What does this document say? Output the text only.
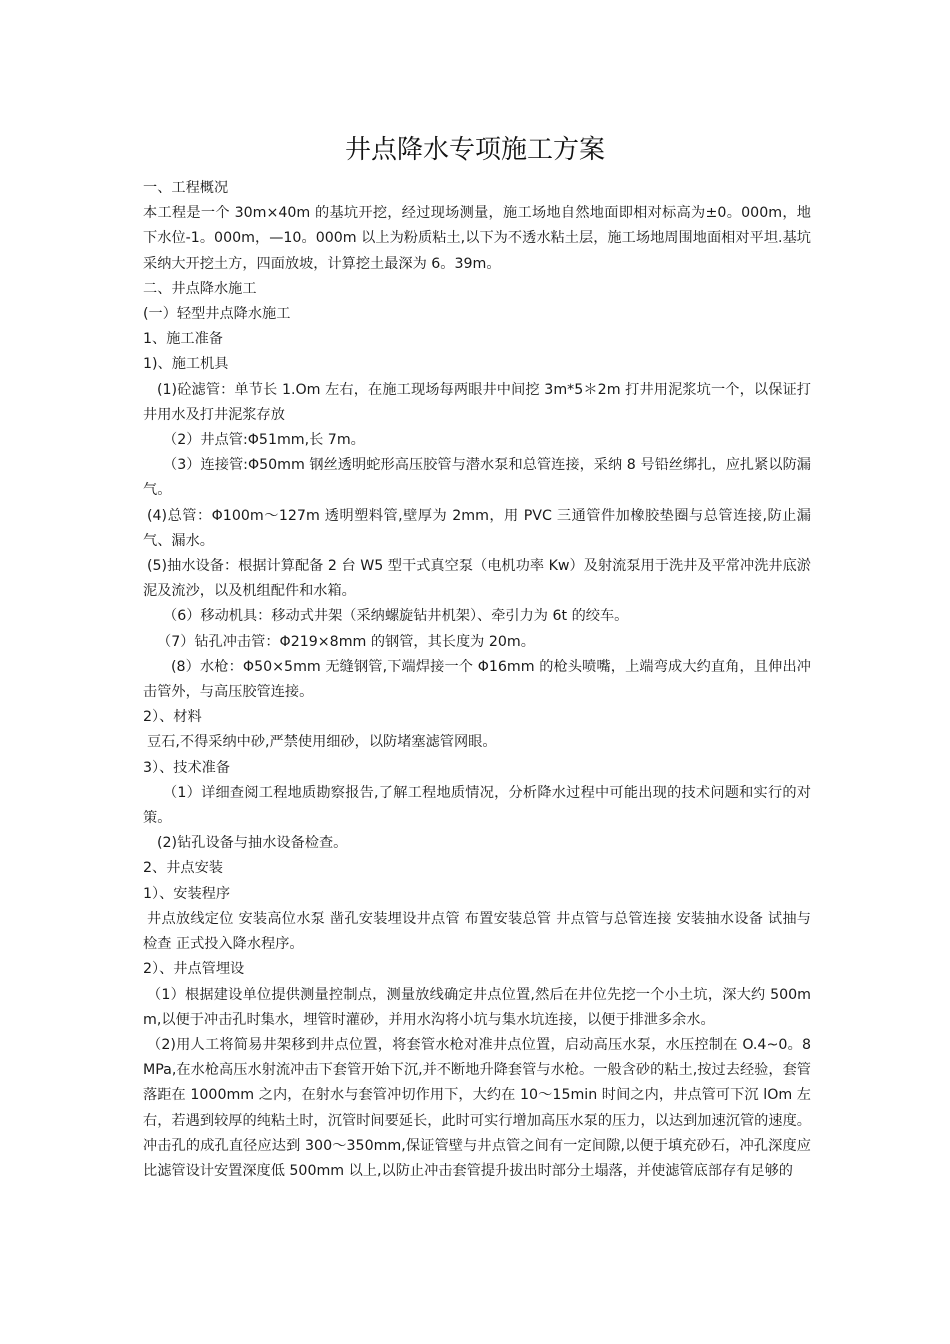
井点降水专项施工方案

一、工程概况

本工程是一个 30m×40m 的基坑开挖，经过现场测量，施工场地自然地面即相对标高为±0。000m，地下水位-1。000m，—10。000m 以上为粉质粘土,以下为不透水粘土层，施工场地周围地面相对平坦.基坑采纳大开挖土方，四面放坡，计算挖土最深为 6。39m。

二、井点降水施工

(一）轻型井点降水施工

1、施工准备

1)、施工机具

(1)砼滤管：单节长 1.Om 左右，在施工现场每两眼井中间挖 3m*5＊2m 打井用泥浆坑一个，以保证打井用水及打井泥浆存放

（2）井点管:Φ51mm,长 7m。

（3）连接管:Φ50mm 钢丝透明蛇形高压胶管与潜水泵和总管连接，采纳 8 号铅丝绑扎，应扎紧以防漏气。

(4)总管：Φ100m～127m 透明塑料管,壁厚为 2mm，用 PVC 三通管件加橡胶垫圈与总管连接,防止漏气、漏水。

(5)抽水设备：根据计算配备 2 台 W5 型干式真空泵（电机功率 Kw）及射流泵用于洗井及平常冲洗井底淤泥及流沙，以及机组配件和水箱。

（6）移动机具：移动式井架（采纳螺旋钻井机架）、牵引力为 6t 的绞车。

（7）钻孔冲击管：Φ219×8mm 的钢管，其长度为 20m。

(8）水枪：Φ50×5mm 无缝钢管,下端焊接一个 Φ16mm 的枪头喷嘴，上端弯成大约直角，且伸出冲击管外，与高压胶管连接。

2）、材料

豆石,不得采纳中砂,严禁使用细砂，以防堵塞滤管网眼。

3）、技术准备

（1）详细查阅工程地质勘察报告,了解工程地质情况，分析降水过程中可能出现的技术问题和实行的对策。

(2)钻孔设备与抽水设备检查。

2、井点安装

1）、安装程序

井点放线定位 安装高位水泵 凿孔安装埋设井点管 布置安装总管 井点管与总管连接 安装抽水设备 试抽与检查 正式投入降水程序。

2）、井点管埋设

（1）根据建设单位提供测量控制点，测量放线确定井点位置,然后在井位先挖一个小土坑，深大约 500mm,以便于冲击孔时集水，埋管时灌砂，并用水沟将小坑与集水坑连接，以便于排泄多余水。

（2)用人工将简易井架移到井点位置，将套管水枪对准井点位置，启动高压水泵，水压控制在 O.4~0。8MPa,在水枪高压水射流冲击下套管开始下沉,并不断地升降套管与水枪。一般含砂的粘土,按过去经验，套管落距在 1000mm 之内，在射水与套管冲切作用下，大约在 10～15min 时间之内，井点管可下沉 lOm 左右，若遇到较厚的纯粘土时，沉管时间要延长，此时可实行增加高压水泵的压力，以达到加速沉管的速度。冲击孔的成孔直径应达到 300～350mm,保证管壁与井点管之间有一定间隙,以便于填充砂石，冲孔深度应比滤管设计安置深度低 500mm 以上,以防止冲击套管提升拔出时部分土塌落，并使滤管底部存有足够的
